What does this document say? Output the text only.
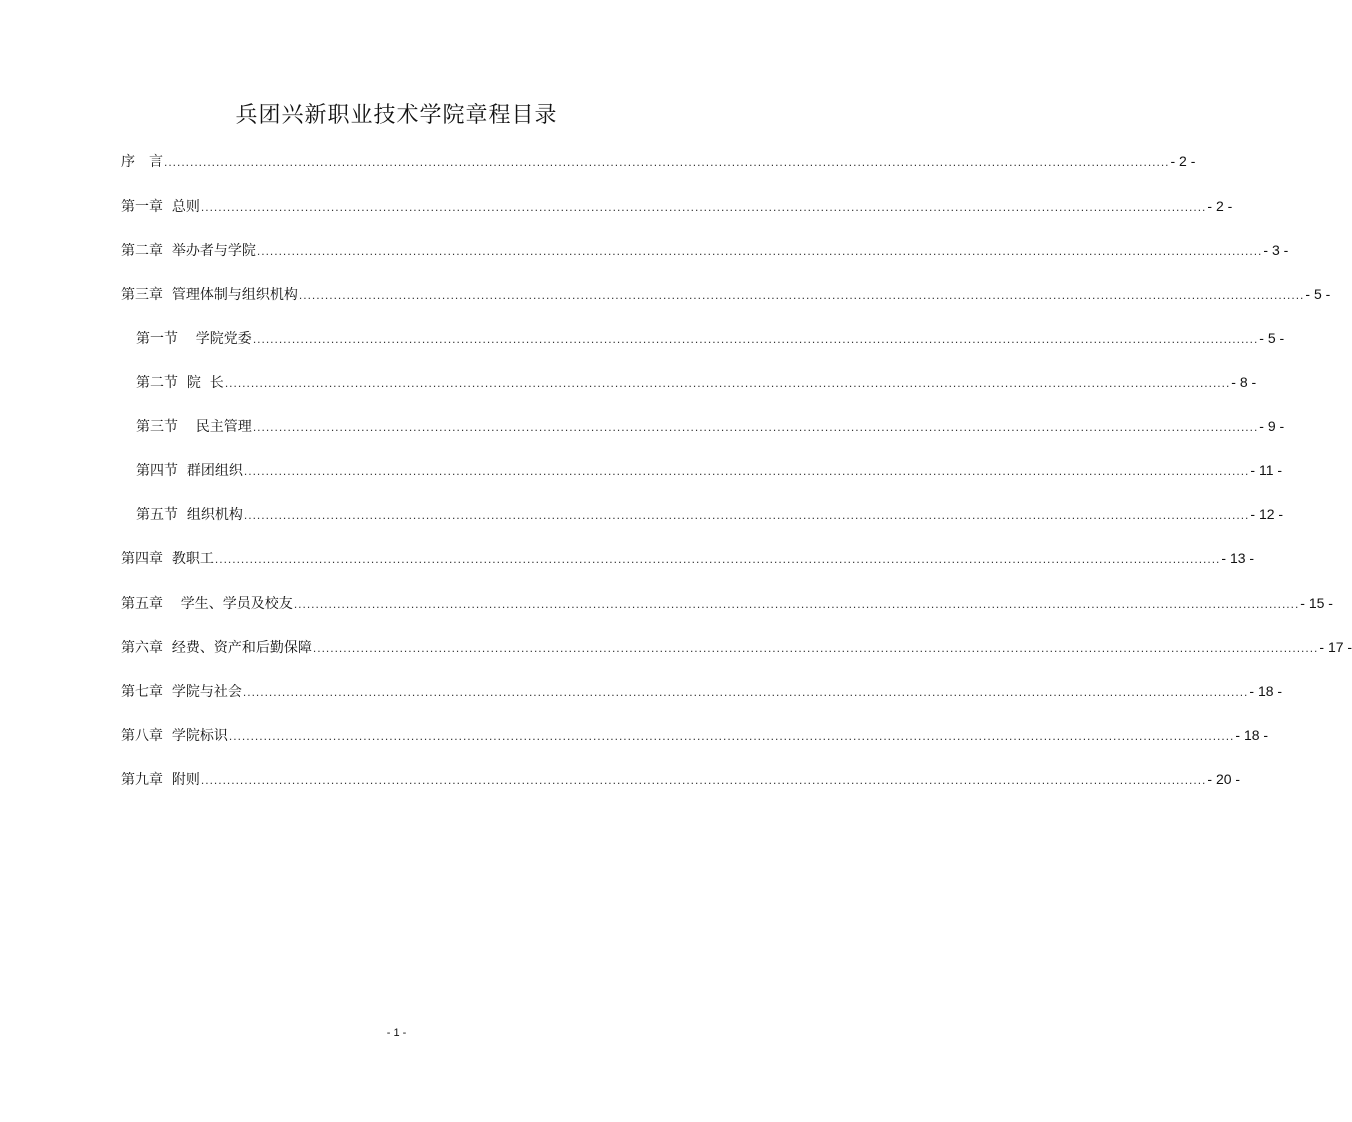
兵团兴新职业技术学院章程目录
序　言 ........................................................................................................................................................................................................................................ - 2 -
第一章  总则 ........................................................................................................................................................................................................................................ - 2 -
第二章  举办者与学院 ........................................................................................................................................................................................................................................ - 3 -
第三章  管理体制与组织机构 ........................................................................................................................................................................................................................................ - 5 -
第一节    学院党委 ........................................................................................................................................................................................................................................ - 5 -
第二节  院  长 ........................................................................................................................................................................................................................................ - 8 -
第三节    民主管理 ........................................................................................................................................................................................................................................ - 9 -
第四节  群团组织 ........................................................................................................................................................................................................................................ - 11 -
第五节  组织机构 ........................................................................................................................................................................................................................................ - 12 -
第四章  教职工 ........................................................................................................................................................................................................................................ - 13 -
第五章    学生、学员及校友 ........................................................................................................................................................................................................................................ - 15 -
第六章  经费、资产和后勤保障 ........................................................................................................................................................................................................................................ - 17 -
第七章  学院与社会 ........................................................................................................................................................................................................................................ - 18 -
第八章  学院标识 ........................................................................................................................................................................................................................................ - 18 -
第九章  附则 ........................................................................................................................................................................................................................................ - 20 -
- 1 -
